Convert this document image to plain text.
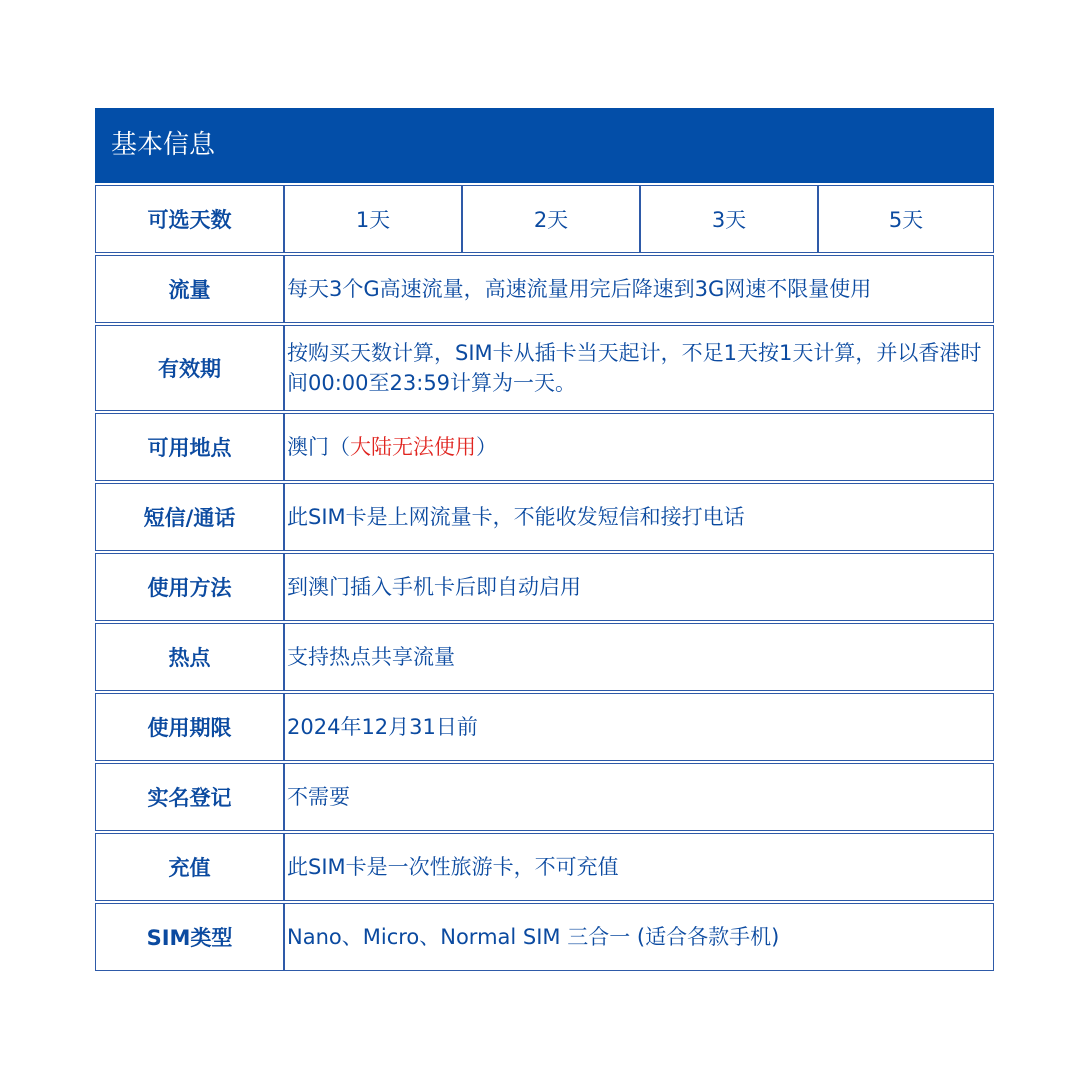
基本信息
可选天数	1天	2天	3天	5天
流量	每天3个G高速流量，高速流量用完后降速到3G网速不限量使用			
有效期	按购买天数计算，SIM卡从插卡当天起计，不足1天按1天计算，并以香港时间00:00至23:59计算为一天。			
可用地点	澳门（大陆无法使用）			
短信/通话	此SIM卡是上网流量卡，不能收发短信和接打电话			
使用方法	到澳门插入手机卡后即自动启用			
热点	支持热点共享流量			
使用期限	2024年12月31日前			
实名登记	不需要			
充值	此SIM卡是一次性旅游卡，不可充值			
SIM类型	Nano、Micro、Normal SIM 三合一 (适合各款手机)			
